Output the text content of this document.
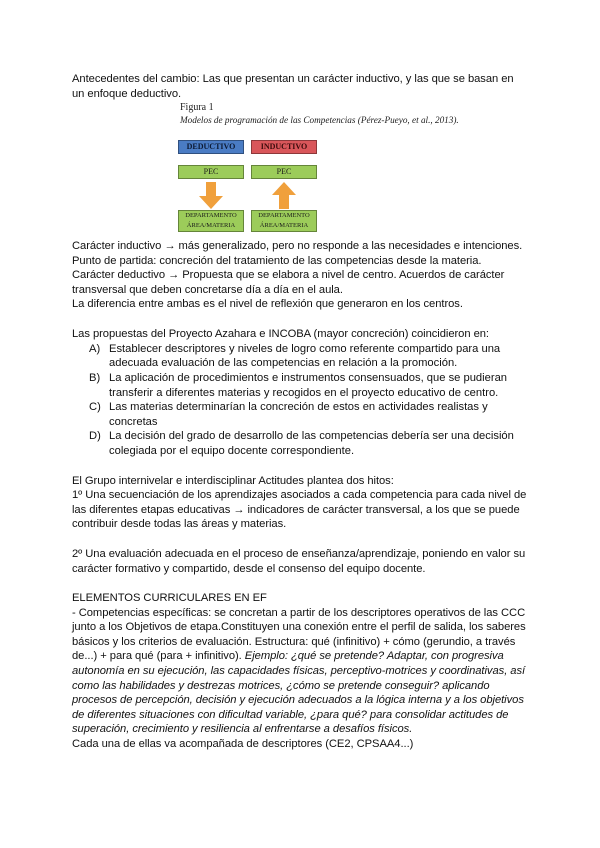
Antecedentes del cambio: Las que presentan un carácter inductivo, y las que se basan en
un enfoque deductivo.
Figura 1
Modelos de programación de las Competencias (Pérez-Pueyo, et al., 2013).
DEDUCTIVO
PEC
DEPARTAMENTO
ÁREA/MATERIA
INDUCTIVO
PEC
DEPARTAMENTO
ÁREA/MATERIA
Carácter inductivo → más generalizado, pero no responde a las necesidades e intenciones.
Punto de partida: concreción del tratamiento de las competencias desde la materia.
Carácter deductivo → Propuesta que se elabora a nivel de centro. Acuerdos de carácter
transversal que deben concretarse día a día en el aula.
La diferencia entre ambas es el nivel de reflexión que generaron en los centros.
Las propuestas del Proyecto Azahara e INCOBA (mayor concreción) coincidieron en:
A) Establecer descriptores y niveles de logro como referente compartido para una
adecuada evaluación de las competencias en relación a la promoción.
B) La aplicación de procedimientos e instrumentos consensuados, que se pudieran
transferir a diferentes materias y recogidos en el proyecto educativo de centro.
C) Las materias determinarían la concreción de estos en actividades realistas y
concretas
D) La decisión del grado de desarrollo de las competencias debería ser una decisión
colegiada por el equipo docente correspondiente.
El Grupo internivelar e interdisciplinar Actitudes plantea dos hitos:
1º Una secuenciación de los aprendizajes asociados a cada competencia para cada nivel de
las diferentes etapas educativas → indicadores de carácter transversal, a los que se puede
contribuir desde todas las áreas y materias.
2º Una evaluación adecuada en el proceso de enseñanza/aprendizaje, poniendo en valor su
carácter formativo y compartido, desde el consenso del equipo docente.
ELEMENTOS CURRICULARES EN EF
- Competencias específicas: se concretan a partir de los descriptores operativos de las CCC
junto a los Objetivos de etapa.Constituyen una conexión entre el perfil de salida, los saberes
básicos y los criterios de evaluación. Estructura: qué (infinitivo) + cómo (gerundio, a través
de...) + para qué (para + infinitivo). Ejemplo: ¿qué se pretende? Adaptar, con progresiva
autonomía en su ejecución, las capacidades físicas, perceptivo-motrices y coordinativas, así
como las habilidades y destrezas motrices, ¿cómo se pretende conseguir? aplicando
procesos de percepción, decisión y ejecución adecuados a la lógica interna y a los objetivos
de diferentes situaciones con dificultad variable, ¿para qué? para consolidar actitudes de
superación, crecimiento y resiliencia al enfrentarse a desafíos físicos.
Cada una de ellas va acompañada de descriptores (CE2, CPSAA4...)
